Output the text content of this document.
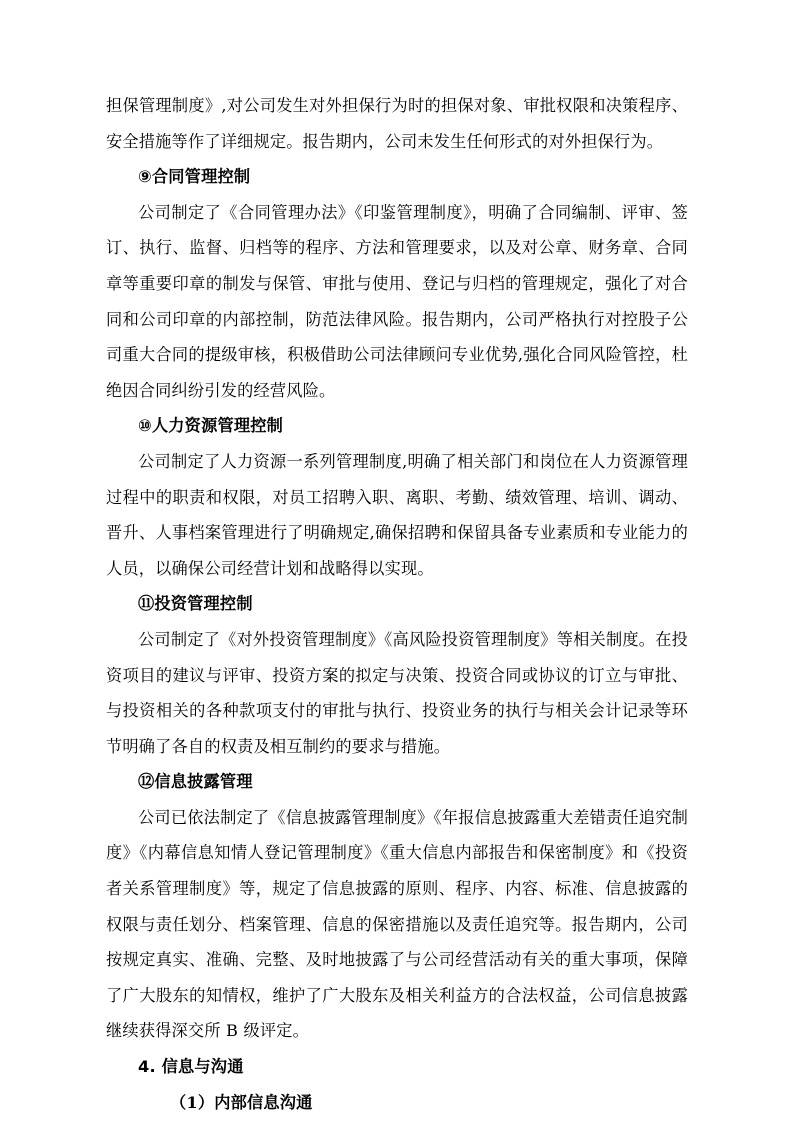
担保管理制度》,对公司发生对外担保行为时的担保对象、审批权限和决策程序、安全措施等作了详细规定。报告期内，公司未发生任何形式的对外担保行为。

⑨合同管理控制

公司制定了《合同管理办法》《印鉴管理制度》，明确了合同编制、评审、签订、执行、监督、归档等的程序、方法和管理要求，以及对公章、财务章、合同章等重要印章的制发与保管、审批与使用、登记与归档的管理规定，强化了对合同和公司印章的内部控制，防范法律风险。报告期内，公司严格执行对控股子公司重大合同的提级审核，积极借助公司法律顾问专业优势,强化合同风险管控，杜绝因合同纠纷引发的经营风险。

⑩人力资源管理控制

公司制定了人力资源一系列管理制度,明确了相关部门和岗位在人力资源管理过程中的职责和权限，对员工招聘入职、离职、考勤、绩效管理、培训、调动、晋升、人事档案管理进行了明确规定,确保招聘和保留具备专业素质和专业能力的人员，以确保公司经营计划和战略得以实现。

⑪投资管理控制

公司制定了《对外投资管理制度》《高风险投资管理制度》等相关制度。在投资项目的建议与评审、投资方案的拟定与决策、投资合同或协议的订立与审批、与投资相关的各种款项支付的审批与执行、投资业务的执行与相关会计记录等环节明确了各自的权责及相互制约的要求与措施。

⑫信息披露管理

公司已依法制定了《信息披露管理制度》《年报信息披露重大差错责任追究制度》《内幕信息知情人登记管理制度》《重大信息内部报告和保密制度》和《投资者关系管理制度》等，规定了信息披露的原则、程序、内容、标准、信息披露的权限与责任划分、档案管理、信息的保密措施以及责任追究等。报告期内，公司按规定真实、准确、完整、及时地披露了与公司经营活动有关的重大事项，保障了广大股东的知情权，维护了广大股东及相关利益方的合法权益，公司信息披露继续获得深交所 B 级评定。

4. 信息与沟通
（1）内部信息沟通
